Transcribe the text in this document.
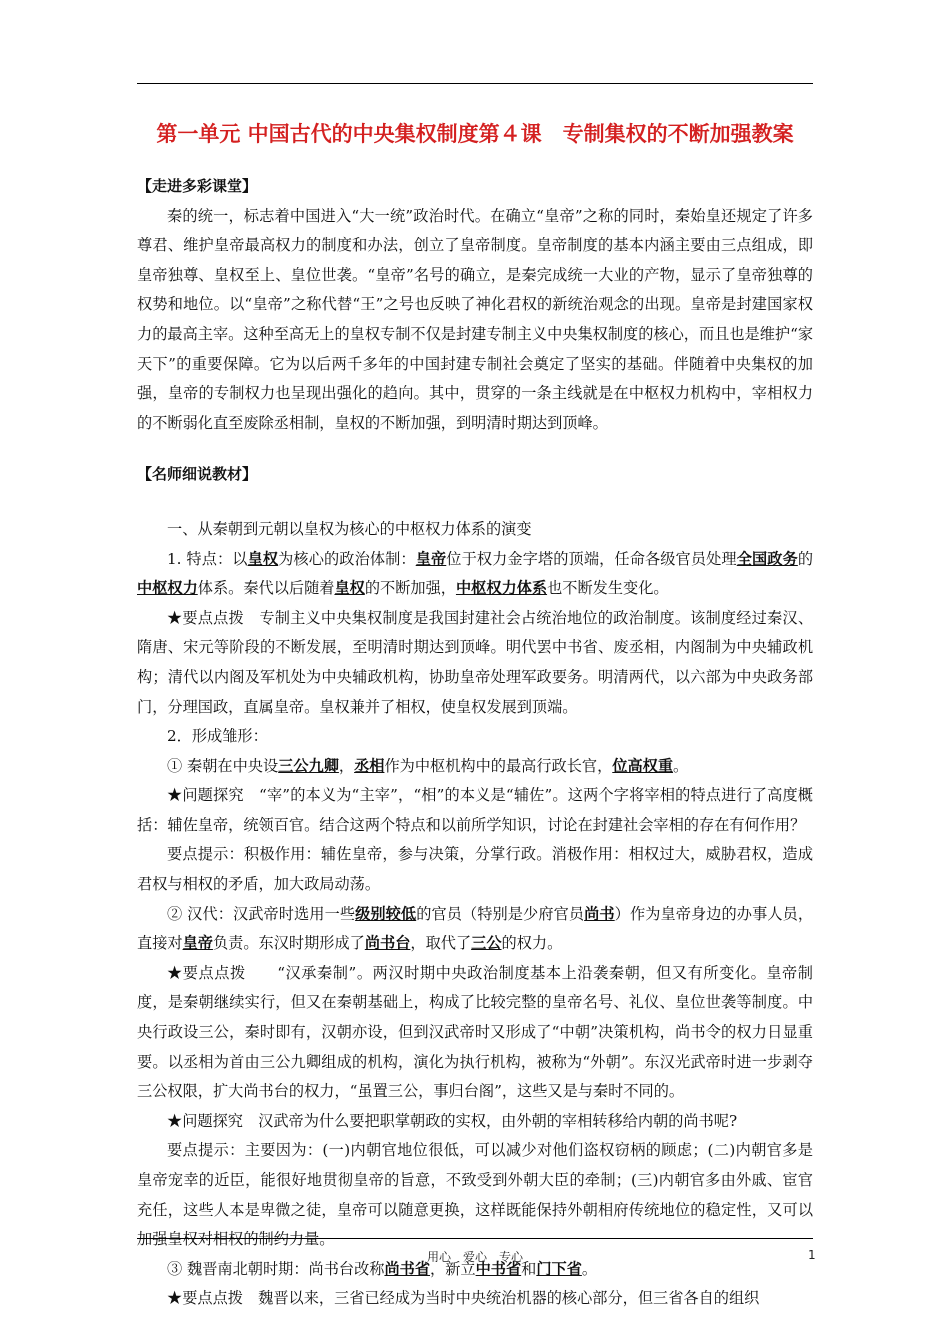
第一单元 中国古代的中央集权制度第４课　专制集权的不断加强教案

【走进多彩课堂】

秦的统一，标志着中国进入“大一统”政治时代。在确立“皇帝”之称的同时，秦始皇还规定了许多尊君、维护皇帝最高权力的制度和办法，创立了皇帝制度。皇帝制度的基本内涵主要由三点组成，即皇帝独尊、皇权至上、皇位世袭。“皇帝”名号的确立，是秦完成统一大业的产物，显示了皇帝独尊的权势和地位。以“皇帝”之称代替“王”之号也反映了神化君权的新统治观念的出现。皇帝是封建国家权力的最高主宰。这种至高无上的皇权专制不仅是封建专制主义中央集权制度的核心，而且也是维护“家天下”的重要保障。它为以后两千多年的中国封建专制社会奠定了坚实的基础。伴随着中央集权的加强，皇帝的专制权力也呈现出强化的趋向。其中，贯穿的一条主线就是在中枢权力机构中，宰相权力的不断弱化直至废除丞相制，皇权的不断加强，到明清时期达到顶峰。

【名师细说教材】

一、从秦朝到元朝以皇权为核心的中枢权力体系的演变

1. 特点：以皇权为核心的政治体制：皇帝位于权力金字塔的顶端，任命各级官员处理全国政务的中枢权力体系。秦代以后随着皇权的不断加强，中枢权力体系也不断发生变化。

★要点点拨　专制主义中央集权制度是我国封建社会占统治地位的政治制度。该制度经过秦汉、隋唐、宋元等阶段的不断发展，至明清时期达到顶峰。明代罢中书省、废丞相，内阁制为中央辅政机构；清代以内阁及军机处为中央辅政机构，协助皇帝处理军政要务。明清两代，以六部为中央政务部门，分理国政，直属皇帝。皇权兼并了相权，使皇权发展到顶端。

2．形成雏形：

① 秦朝在中央设三公九卿，丞相作为中枢机构中的最高行政长官，位高权重。

★问题探究　“宰”的本义为“主宰”，“相”的本义是“辅佐”。这两个字将宰相的特点进行了高度概括：辅佐皇帝，统领百官。结合这两个特点和以前所学知识，讨论在封建社会宰相的存在有何作用？

要点提示：积极作用：辅佐皇帝，参与决策，分掌行政。消极作用：相权过大，威胁君权，造成君权与相权的矛盾，加大政局动荡。

② 汉代：汉武帝时选用一些级别较低的官员（特别是少府官员尚书）作为皇帝身边的办事人员，直接对皇帝负责。东汉时期形成了尚书台，取代了三公的权力。

★要点点拨　　“汉承秦制”。两汉时期中央政治制度基本上沿袭秦朝，但又有所变化。皇帝制度，是秦朝继续实行，但又在秦朝基础上，构成了比较完整的皇帝名号、礼仪、皇位世袭等制度。中央行政设三公，秦时即有，汉朝亦设，但到汉武帝时又形成了“中朝”决策机构，尚书令的权力日显重要。以丞相为首由三公九卿组成的机构，演化为执行机构，被称为“外朝”。东汉光武帝时进一步剥夺三公权限，扩大尚书台的权力，“虽置三公，事归台阁”，这些又是与秦时不同的。

★问题探究　汉武帝为什么要把职掌朝政的实权，由外朝的宰相转移给内朝的尚书呢?

要点提示：主要因为：(一)内朝官地位很低，可以减少对他们盗权窃柄的顾虑；(二)内朝官多是皇帝宠幸的近臣，能很好地贯彻皇帝的旨意，不致受到外朝大臣的牵制；(三)内朝官多由外戚、宦官充任，这些人本是卑微之徒，皇帝可以随意更换，这样既能保持外朝相府传统地位的稳定性，又可以加强皇权对相权的制约力量。

③ 魏晋南北朝时期：尚书台改称尚书省，新立中书省和门下省。

★要点点拨　魏晋以来，三省已经成为当时中央统治机器的核心部分，但三省各自的组织

用心　爱心　专心	1
